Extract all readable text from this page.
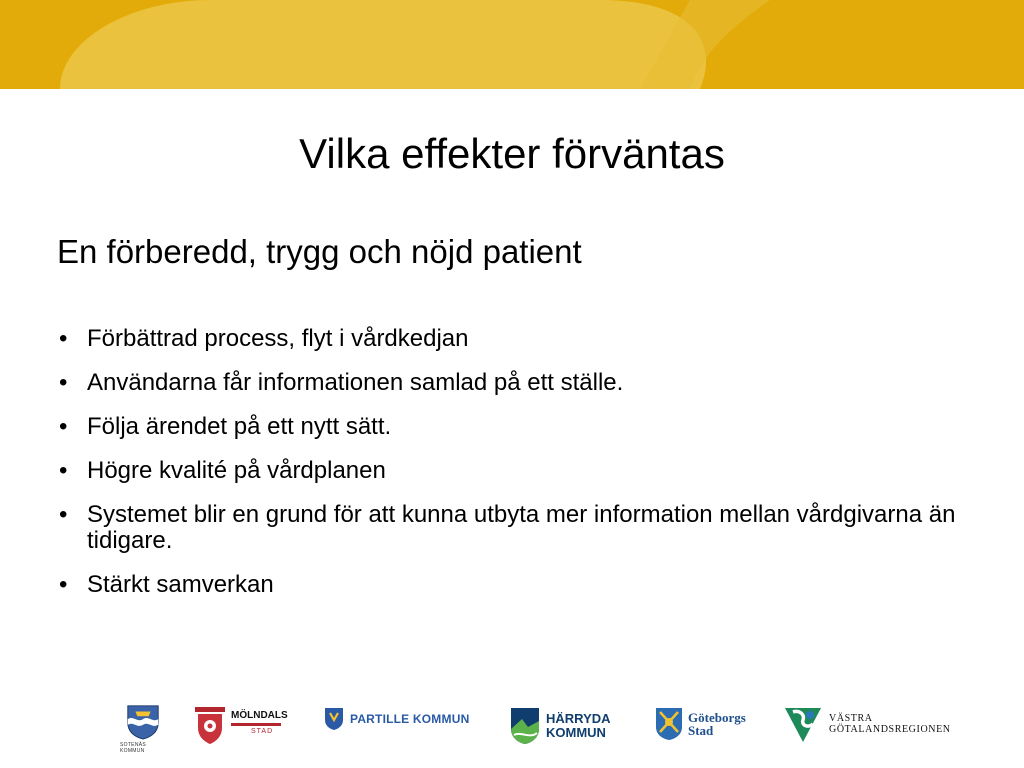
Vilka effekter förväntas
En förberedd, trygg och nöjd patient
• Förbättrad process, flyt i vårdkedjan
• Användarna får informationen samlad på ett ställe.
• Följa ärendet på ett nytt sätt.
• Högre kvalité på vårdplanen
• Systemet blir en grund för att kunna utbyta mer information mellan vårdgivarna än tidigare.
• Stärkt samverkan
SOTENÄS KOMMUN
MÖLNDALS
STAD
PARTILLE KOMMUN	HÄRRYDA
KOMMUN
Göteborgs
Stad
VÄSTRA
GÖTALANDSREGIONEN
